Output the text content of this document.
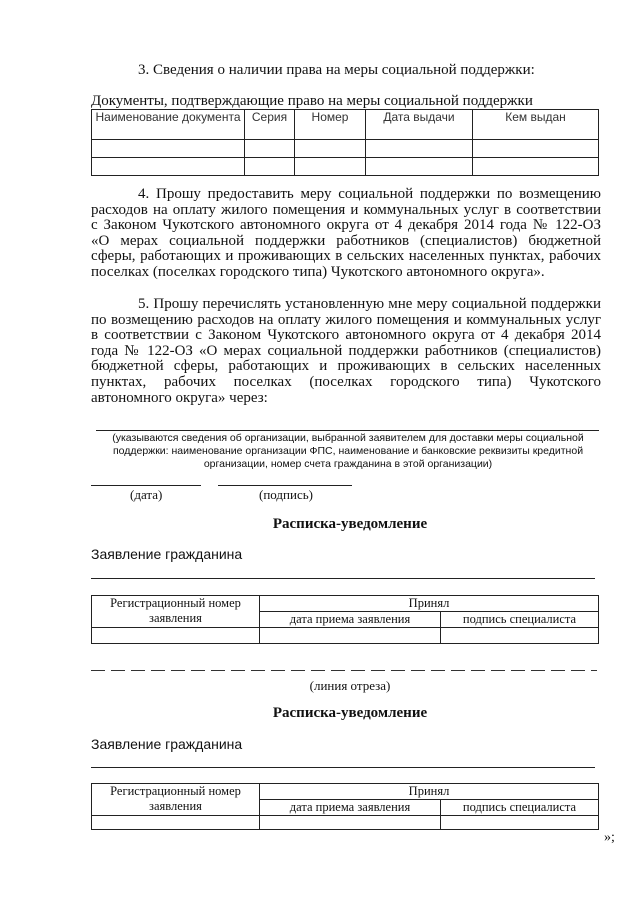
3. Сведения о наличии права на меры социальной поддержки:
Документы, подтверждающие право на меры социальной поддержки
Наименование документа	Серия	Номер	Дата выдачи	Кем выдан

4. Прошу предоставить меру социальной поддержки по возмещению
расходов на оплату жилого помещения и коммунальных услуг в соответствии
с Законом Чукотского автономного округа от 4 декабря 2014 года № 122-ОЗ
«О мерах социальной поддержки работников (специалистов) бюджетной
сферы, работающих и проживающих в сельских населенных пунктах, рабочих
поселках (поселках городского типа) Чукотского автономного округа».
5. Прошу перечислять установленную мне меру социальной поддержки
по возмещению расходов на оплату жилого помещения и коммунальных услуг
в соответствии с Законом Чукотского автономного округа от 4 декабря 2014
года № 122-ОЗ «О мерах социальной поддержки работников (специалистов)
бюджетной сферы, работающих и проживающих в сельских населенных
пунктах, рабочих поселках (поселках городского типа) Чукотского
автономного округа» через:
(указываются сведения об организации, выбранной заявителем для доставки меры социальной поддержки: наименование организации ФПС, наименование и банковские реквизиты кредитной организации, номер счета гражданина в этой организации)
(дата)	(подпись)
Расписка-уведомление
Заявление гражданина
Регистрационный номер заявления	Принял	
	дата приема заявления	подпись специалиста

(линия отреза)
Расписка-уведомление
Заявление гражданина
Регистрационный номер заявления	Принял	
	дата приема заявления	подпись специалиста

»;
